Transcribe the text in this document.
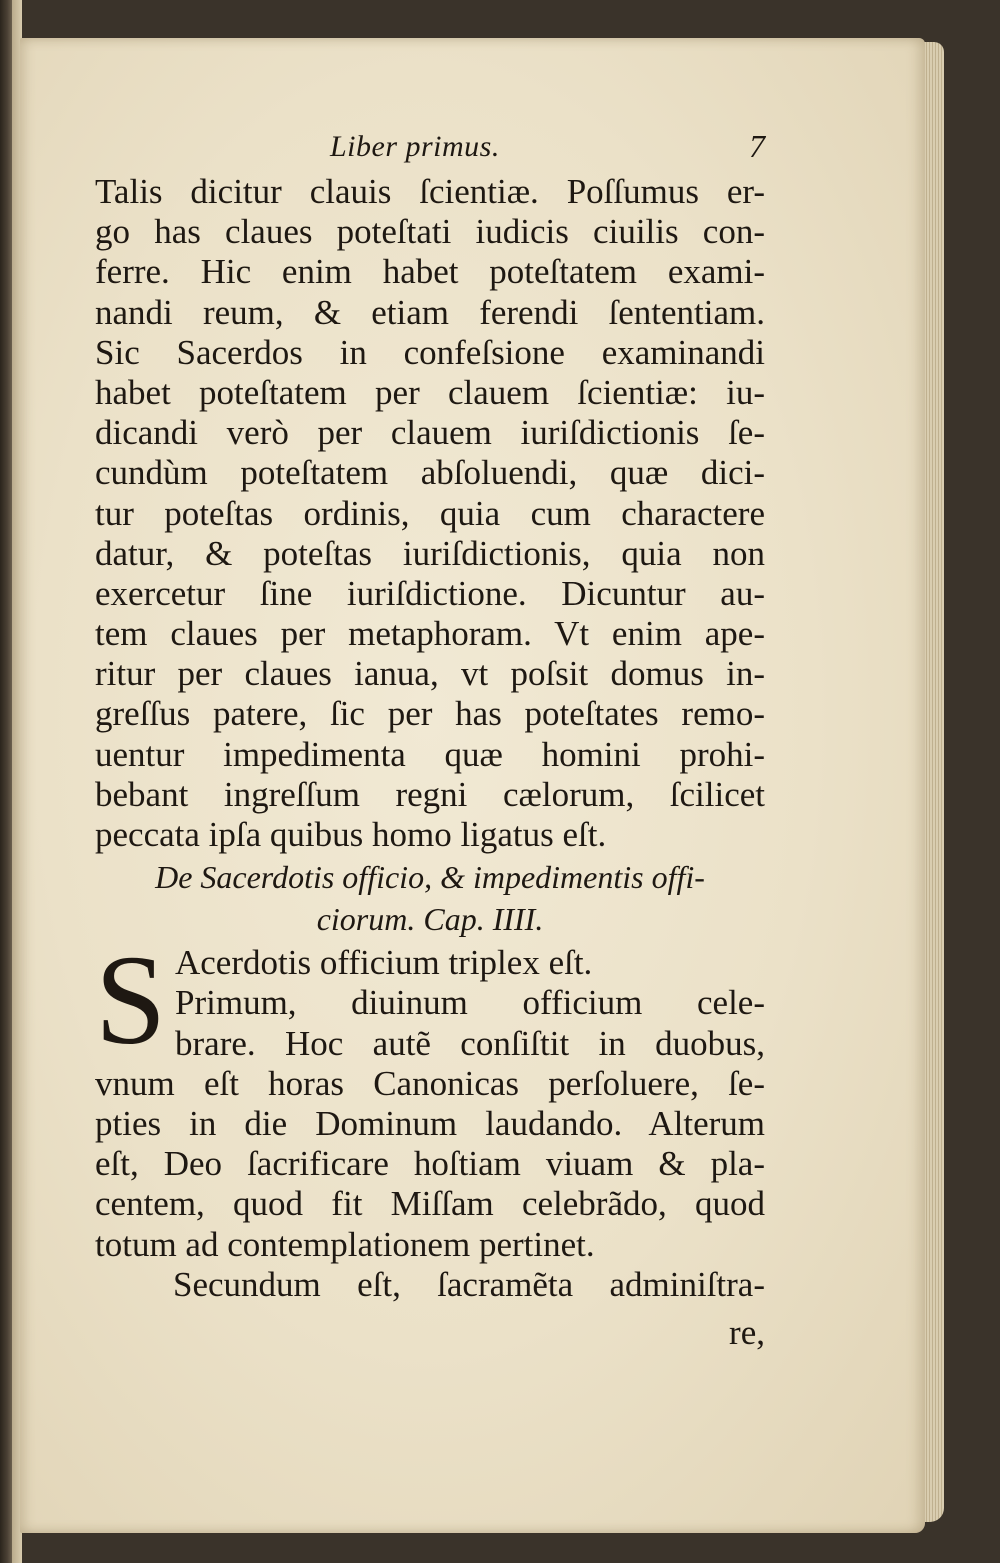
Liber primus.	7
Talis dicitur clauis ſcientiæ. Poſſumus er-
go has claues poteſtati iudicis ciuilis con-
ferre. Hic enim habet poteſtatem exami-
nandi reum, & etiam ferendi ſententiam.
Sic Sacerdos in confeſsione examinandi
habet poteſtatem per clauem ſcientiæ: iu-
dicandi verò per clauem iuriſdictionis ſe-
cundùm poteſtatem abſoluendi, quæ dici-
tur poteſtas ordinis, quia cum charactere
datur, & poteſtas iuriſdictionis, quia non
exercetur ſine iuriſdictione. Dicuntur au-
tem claues per metaphoram. Vt enim ape-
ritur per claues ianua, vt poſsit domus in-
greſſus patere, ſic per has poteſtates remo-
uentur impedimenta quæ homini prohi-
bebant ingreſſum regni cælorum, ſcilicet
peccata ipſa quibus homo ligatus eſt.
De Sacerdotis officio, & impedimentis offi-
ciorum. Cap. IIII.
S Acerdotis officium triplex eſt.
Primum, diuinum officium cele-
brare. Hoc autẽ conſiſtit in duobus,
vnum eſt horas Canonicas perſoluere, ſe-
pties in die Dominum laudando. Alterum
eſt, Deo ſacrificare hoſtiam viuam & pla-
centem, quod fit Miſſam celebrãdo, quod
totum ad contemplationem pertinet.
Secundum eſt, ſacramẽta adminiſtra-
re,
